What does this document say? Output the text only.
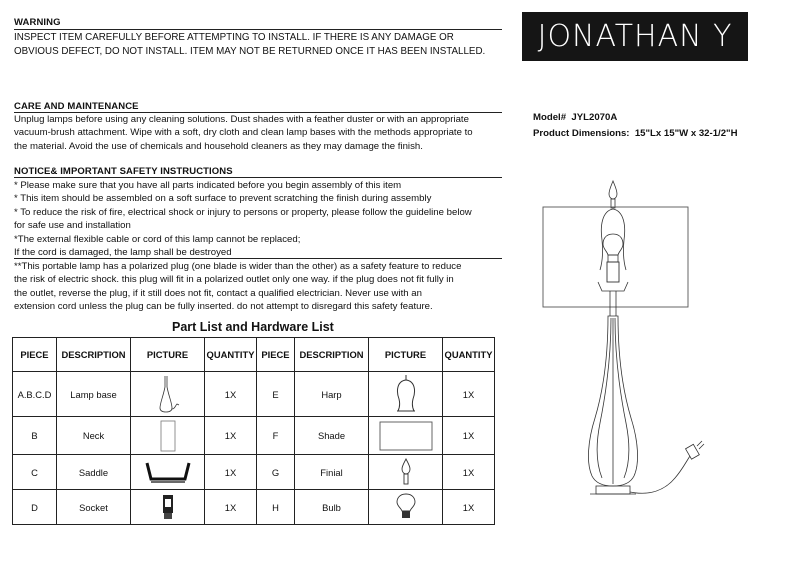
WARNING
INSPECT ITEM CAREFULLY BEFORE ATTEMPTING TO INSTALL. IF THERE IS ANY DAMAGE OR
OBVIOUS DEFECT, DO NOT INSTALL. ITEM MAY NOT BE RETURNED ONCE IT HAS BEEN INSTALLED.	JONATHAN Y
CARE AND MAINTENANCE
Unplug lamps before using any cleaning solutions. Dust shades with a feather duster or with an appropriate
vacuum-brush attachment. Wipe with a soft, dry cloth and clean lamp bases with the methods appropriate to
the material. Avoid the use of chemicals and household cleaners as they may damage the finish.
Model# JYL2070A
Product Dimensions: 15"Lx 15"W x 32-1/2"H
NOTICE& IMPORTANT SAFETY INSTRUCTIONS
* Please make sure that you have all parts indicated before you begin assembly of this item
* This item should be assembled on a soft surface to prevent scratching the finish during assembly
* To reduce the risk of fire, electrical shock or injury to persons or property, please follow the guideline below
for safe use and installation
*The external flexible cable or cord of this lamp cannot be replaced;
If the cord is damaged, the lamp shall be destroyed
**This portable lamp has a polarized plug (one blade is wider than the other) as a safety feature to reduce
the risk of electric shock. this plug will fit in a polarized outlet only one way. if the plug does not fit fully in
the outlet, reverse the plug, if it still does not fit, contact a qualified electrician. Never use with an
extension cord unless the plug can be fully inserted. do not attempt to disregard this safety feature.
Part List and Hardware List
PIECE	DESCRIPTION	PICTURE	QUANTITY	PIECE	DESCRIPTION	PICTURE	QUANTITY
A.B.C.D	Lamp base		1X	E	Harp		1X
B	Neck		1X	F	Shade		1X
C	Saddle		1X	G	Finial		1X
D	Socket		1X	H	Bulb		1X
